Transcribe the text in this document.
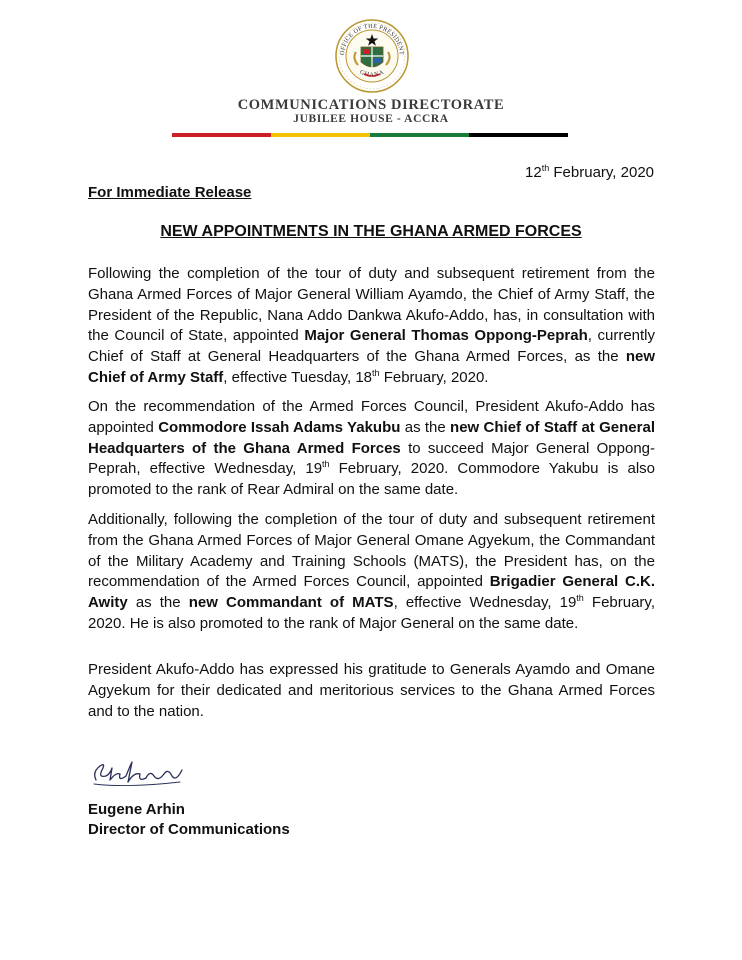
OFFICE OF THE PRESIDENT
GHANA
COMMUNICATIONS DIRECTORATE
JUBILEE HOUSE - ACCRA
12th February, 2020
For Immediate Release
NEW APPOINTMENTS IN THE GHANA ARMED FORCES

Following the completion of the tour of duty and subsequent retirement from the Ghana Armed Forces of Major General William Ayamdo, the Chief of Army Staff, the President of the Republic, Nana Addo Dankwa Akufo-Addo, has, in consultation with the Council of State, appointed Major General Thomas Oppong-Peprah, currently Chief of Staff at General Headquarters of the Ghana Armed Forces, as the new Chief of Army Staff, effective Tuesday, 18th February, 2020.

On the recommendation of the Armed Forces Council, President Akufo-Addo has appointed Commodore Issah Adams Yakubu as the new Chief of Staff at General Headquarters of the Ghana Armed Forces to succeed Major General Oppong-Peprah, effective Wednesday, 19th February, 2020. Commodore Yakubu is also promoted to the rank of Rear Admiral on the same date.

Additionally, following the completion of the tour of duty and subsequent retirement from the Ghana Armed Forces of Major General Omane Agyekum, the Commandant of the Military Academy and Training Schools (MATS), the President has, on the recommendation of the Armed Forces Council, appointed Brigadier General C.K. Awity as the new Commandant of MATS, effective Wednesday, 19th February, 2020. He is also promoted to the rank of Major General on the same date.

President Akufo-Addo has expressed his gratitude to Generals Ayamdo and Omane Agyekum for their dedicated and meritorious services to the Ghana Armed Forces and to the nation.

Eugene Arhin
Director of Communications
